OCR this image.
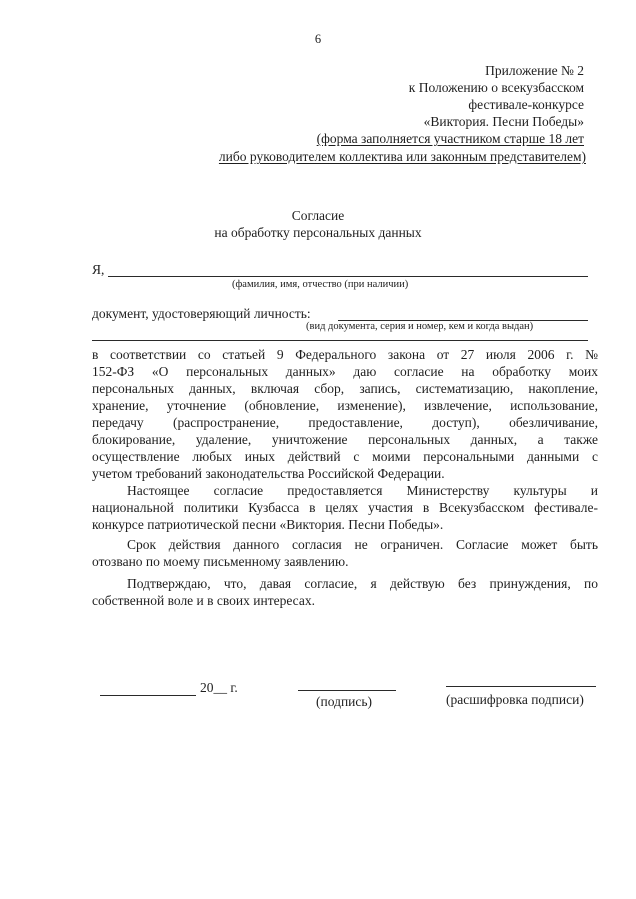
6
Приложение № 2
к Положению о всекузбасском
фестивале-конкурсе
«Виктория. Песни Победы»
(форма заполняется участником старше 18 лет
либо руководителем коллектива или законным представителем)
Согласие
на обработку персональных данных
Я,
(фамилия, имя, отчество (при наличии)
документ, удостоверяющий личность:
(вид документа, серия и номер, кем и когда выдан)
в соответствии со статьей 9 Федерального закона от 27 июля 2006 г. №
152-ФЗ «О персональных данных» даю согласие на обработку моих
персональных данных, включая сбор, запись, систематизацию, накопление,
хранение, уточнение (обновление, изменение), извлечение, использование,
передачу (распространение, предоставление, доступ), обезличивание,
блокирование, удаление, уничтожение персональных данных, а также
осуществление любых иных действий с моими персональными данными с
учетом требований законодательства Российской Федерации.
Настоящее согласие предоставляется Министерству культуры и
национальной политики Кузбасса в целях участия в Всекузбасском фестивале-
конкурсе патриотической песни «Виктория. Песни Победы».
Срок действия данного согласия не ограничен. Согласие может быть
отозвано по моему письменному заявлению.
Подтверждаю, что, давая согласие, я действую без принуждения, по
собственной воле и в своих интересах.
20__ г.
(подпись)	(расшифровка подписи)
